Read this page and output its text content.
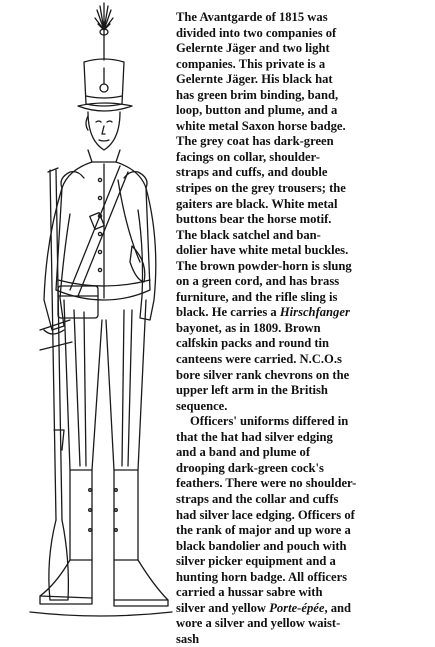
The Avantgarde of 1815 was
divided into two companies of
Gelernte Jäger and two light
companies. This private is a
Gelernte Jäger. His black hat
has green brim binding, band,
loop, button and plume, and a
white metal Saxon horse badge.
The grey coat has dark-green
facings on collar, shoulder-
straps and cuffs, and double
stripes on the grey trousers; the
gaiters are black. White metal
buttons bear the horse motif.
The black satchel and ban-
dolier have white metal buckles.
The brown powder-horn is slung
on a green cord, and has brass
furniture, and the rifle sling is
black. He carries a Hirschfanger
bayonet, as in 1809. Brown
calfskin packs and round tin
canteens were carried. N.C.O.s
bore silver rank chevrons on the
upper left arm in the British
sequence.
Officers' uniforms differed in
that the hat had silver edging
and a band and plume of
drooping dark-green cock's
feathers. There were no shoulder-
straps and the collar and cuffs
had silver lace edging. Officers of
the rank of major and up wore a
black bandolier and pouch with
silver picker equipment and a
hunting horn badge. All officers
carried a hussar sabre with
silver and yellow Porte-épée, and
wore a silver and yellow waist-
sash
